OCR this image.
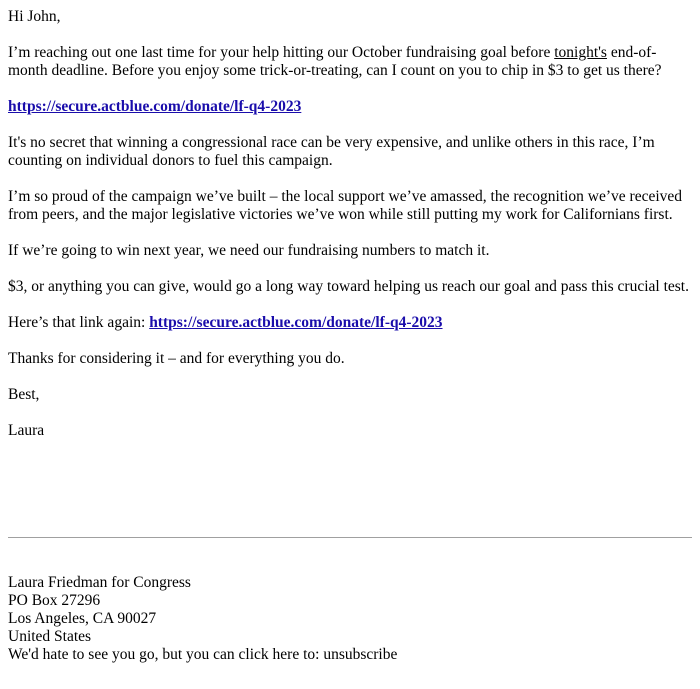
Hi John,

I’m reaching out one last time for your help hitting our October fundraising goal before tonight's end-of-month deadline. Before you enjoy some trick-or-treating, can I count on you to chip in $3 to get us there?

https://secure.actblue.com/donate/lf-q4-2023

It's no secret that winning a congressional race can be very expensive, and unlike others in this race, I’m counting on individual donors to fuel this campaign.

I’m so proud of the campaign we’ve built – the local support we’ve amassed, the recognition we’ve received from peers, and the major legislative victories we’ve won while still putting my work for Californians first.

If we’re going to win next year, we need our fundraising numbers to match it.

$3, or anything you can give, would go a long way toward helping us reach our goal and pass this crucial test.

Here’s that link again: https://secure.actblue.com/donate/lf-q4-2023

Thanks for considering it – and for everything you do.

Best,

Laura

Laura Friedman for Congress
PO Box 27296
Los Angeles, CA 90027
United States
We'd hate to see you go, but you can click here to: unsubscribe
